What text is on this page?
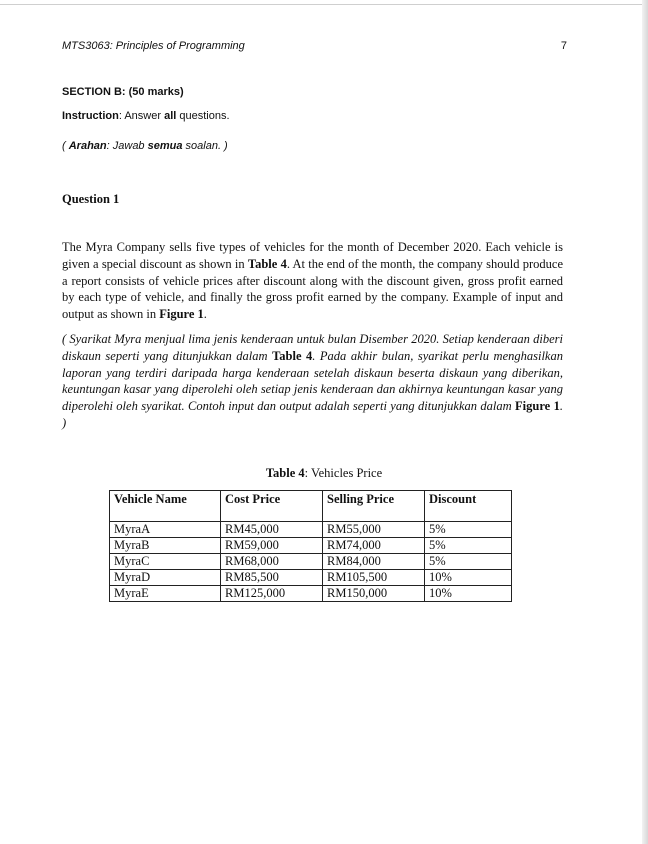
MTS3063: Principles of Programming	7
SECTION B: (50 marks)
Instruction: Answer all questions.
( Arahan: Jawab semua soalan. )
Question 1

The Myra Company sells five types of vehicles for the month of December 2020. Each vehicle is given a special discount as shown in Table 4. At the end of the month, the company should produce a report consists of vehicle prices after discount along with the discount given, gross profit earned by each type of vehicle, and finally the gross profit earned by the company. Example of input and output as shown in Figure 1.

( Syarikat Myra menjual lima jenis kenderaan untuk bulan Disember 2020. Setiap kenderaan diberi diskaun seperti yang ditunjukkan dalam Table 4. Pada akhir bulan, syarikat perlu menghasilkan laporan yang terdiri daripada harga kenderaan setelah diskaun beserta diskaun yang diberikan, keuntungan kasar yang diperolehi oleh setiap jenis kenderaan dan akhirnya keuntungan kasar yang diperolehi oleh syarikat. Contoh input dan output adalah seperti yang ditunjukkan dalam Figure 1. )

Table 4: Vehicles Price
Vehicle Name	Cost Price	Selling Price	Discount
MyraA	RM45,000	RM55,000	5%
MyraB	RM59,000	RM74,000	5%
MyraC	RM68,000	RM84,000	5%
MyraD	RM85,500	RM105,500	10%
MyraE	RM125,000	RM150,000	10%
